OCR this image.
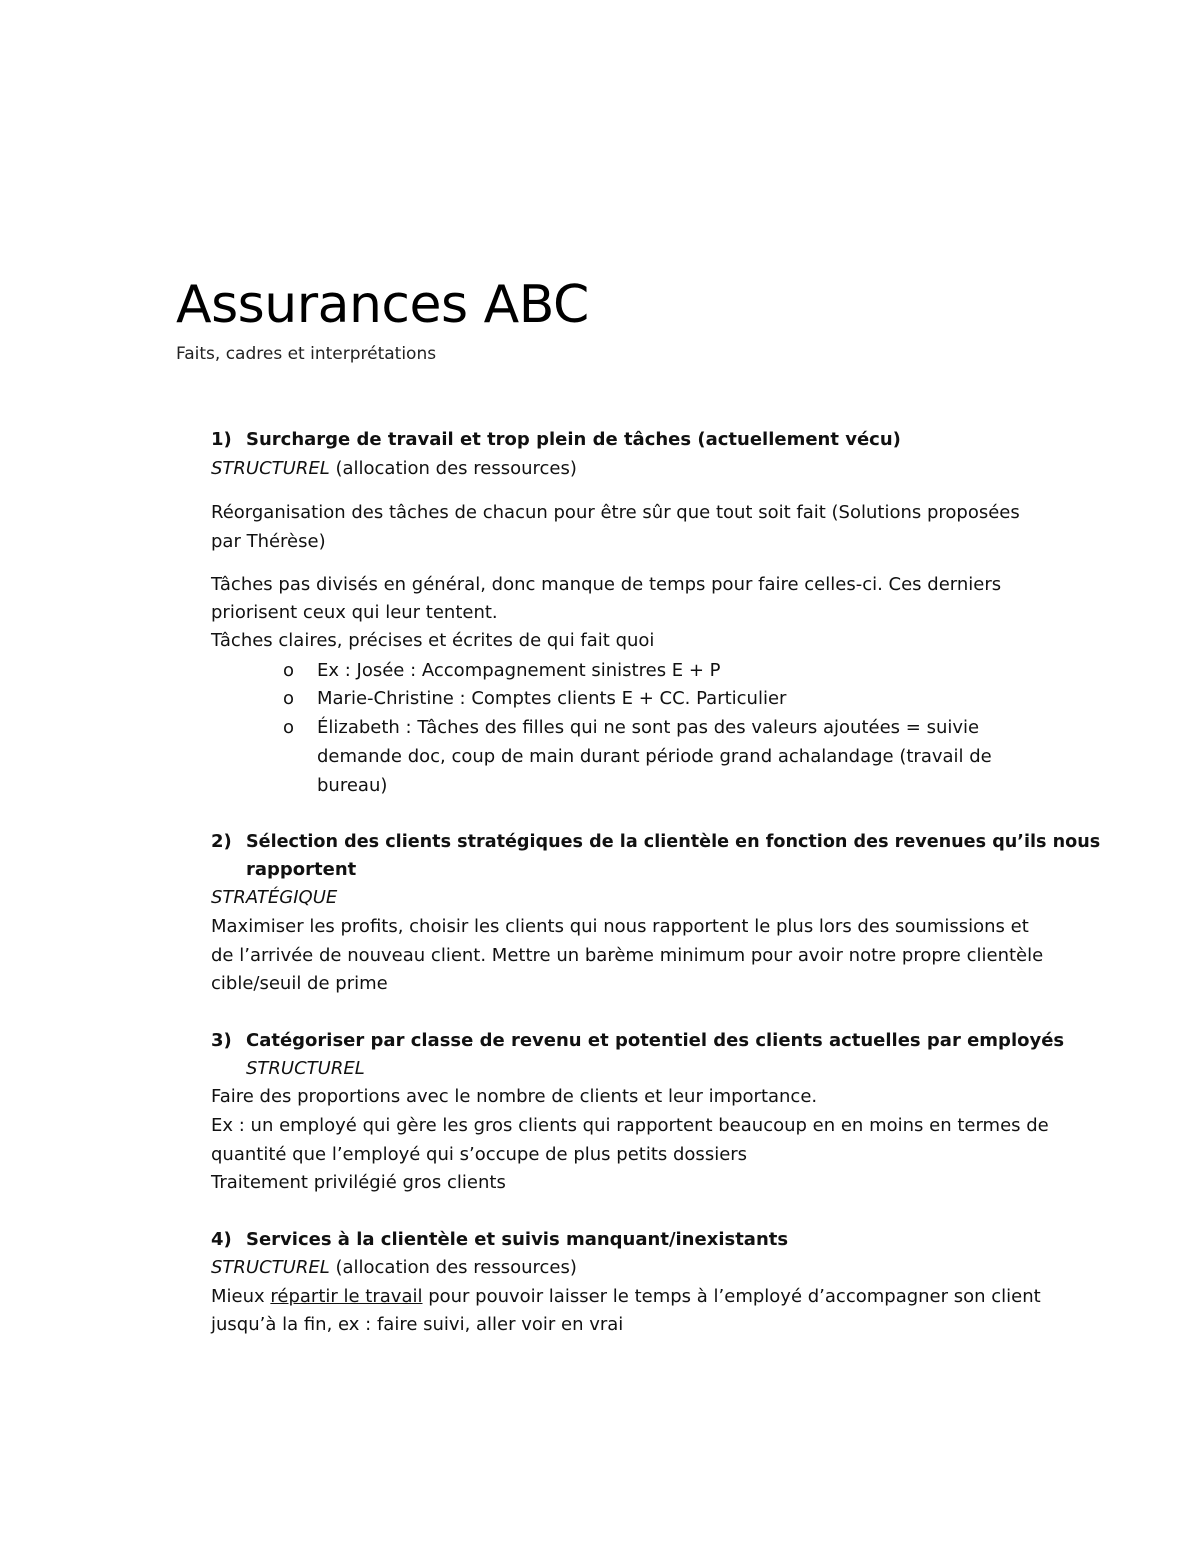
Assurances ABC
Faits, cadres et interprétations
1) Surcharge de travail et trop plein de tâches (actuellement vécu)
STRUCTUREL (allocation des ressources)
Réorganisation des tâches de chacun pour être sûr que tout soit fait (Solutions proposées
par Thérèse)
Tâches pas divisés en général, donc manque de temps pour faire celles-ci. Ces derniers
priorisent ceux qui leur tentent.
Tâches claires, précises et écrites de qui fait quoi
o Ex : Josée : Accompagnement sinistres E + P
o Marie-Christine : Comptes clients E + CC. Particulier
o Élizabeth : Tâches des filles qui ne sont pas des valeurs ajoutées = suivie
demande doc, coup de main durant période grand achalandage (travail de
bureau)
2) Sélection des clients stratégiques de la clientèle en fonction des revenues qu’ils nous
rapportent
STRATÉGIQUE
Maximiser les profits, choisir les clients qui nous rapportent le plus lors des soumissions et
de l’arrivée de nouveau client. Mettre un barème minimum pour avoir notre propre clientèle
cible/seuil de prime
3) Catégoriser par classe de revenu et potentiel des clients actuelles par employés
STRUCTUREL
Faire des proportions avec le nombre de clients et leur importance.
Ex : un employé qui gère les gros clients qui rapportent beaucoup en en moins en termes de
quantité que l’employé qui s’occupe de plus petits dossiers
Traitement privilégié gros clients
4) Services à la clientèle et suivis manquant/inexistants
STRUCTUREL (allocation des ressources)
Mieux répartir le travail pour pouvoir laisser le temps à l’employé d’accompagner son client
jusqu’à la fin, ex : faire suivi, aller voir en vrai
